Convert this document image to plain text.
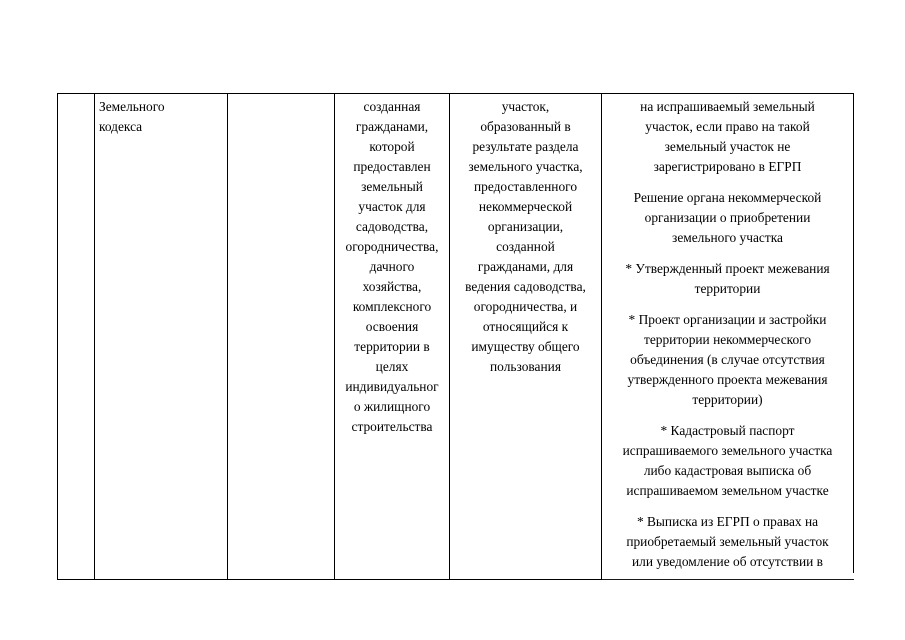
Земельного

кодекса

созданная

гражданами,

которой

предоставлен

земельный

участок для

садоводства,

огородничества,

дачного

хозяйства,

комплексного

освоения

территории в

целях

индивидуальног

о жилищного

строительства

участок,

образованный в

результате раздела

земельного участка,

предоставленного

некоммерческой

организации,

созданной

гражданами, для

ведения садоводства,

огородничества, и

относящийся к

имуществу общего

пользования

на испрашиваемый земельный

участок, если право на такой

земельный участок не

зарегистрировано в ЕГРП

Решение органа некоммерческой

организации о приобретении

земельного участка

* Утвержденный проект межевания

территории

* Проект организации и застройки

территории некоммерческого

объединения (в случае отсутствия

утвержденного проекта межевания

территории)

* Кадастровый паспорт

испрашиваемого земельного участка

либо кадастровая выписка об

испрашиваемом земельном участке

* Выписка из ЕГРП о правах на

приобретаемый земельный участок

или уведомление об отсутствии в
